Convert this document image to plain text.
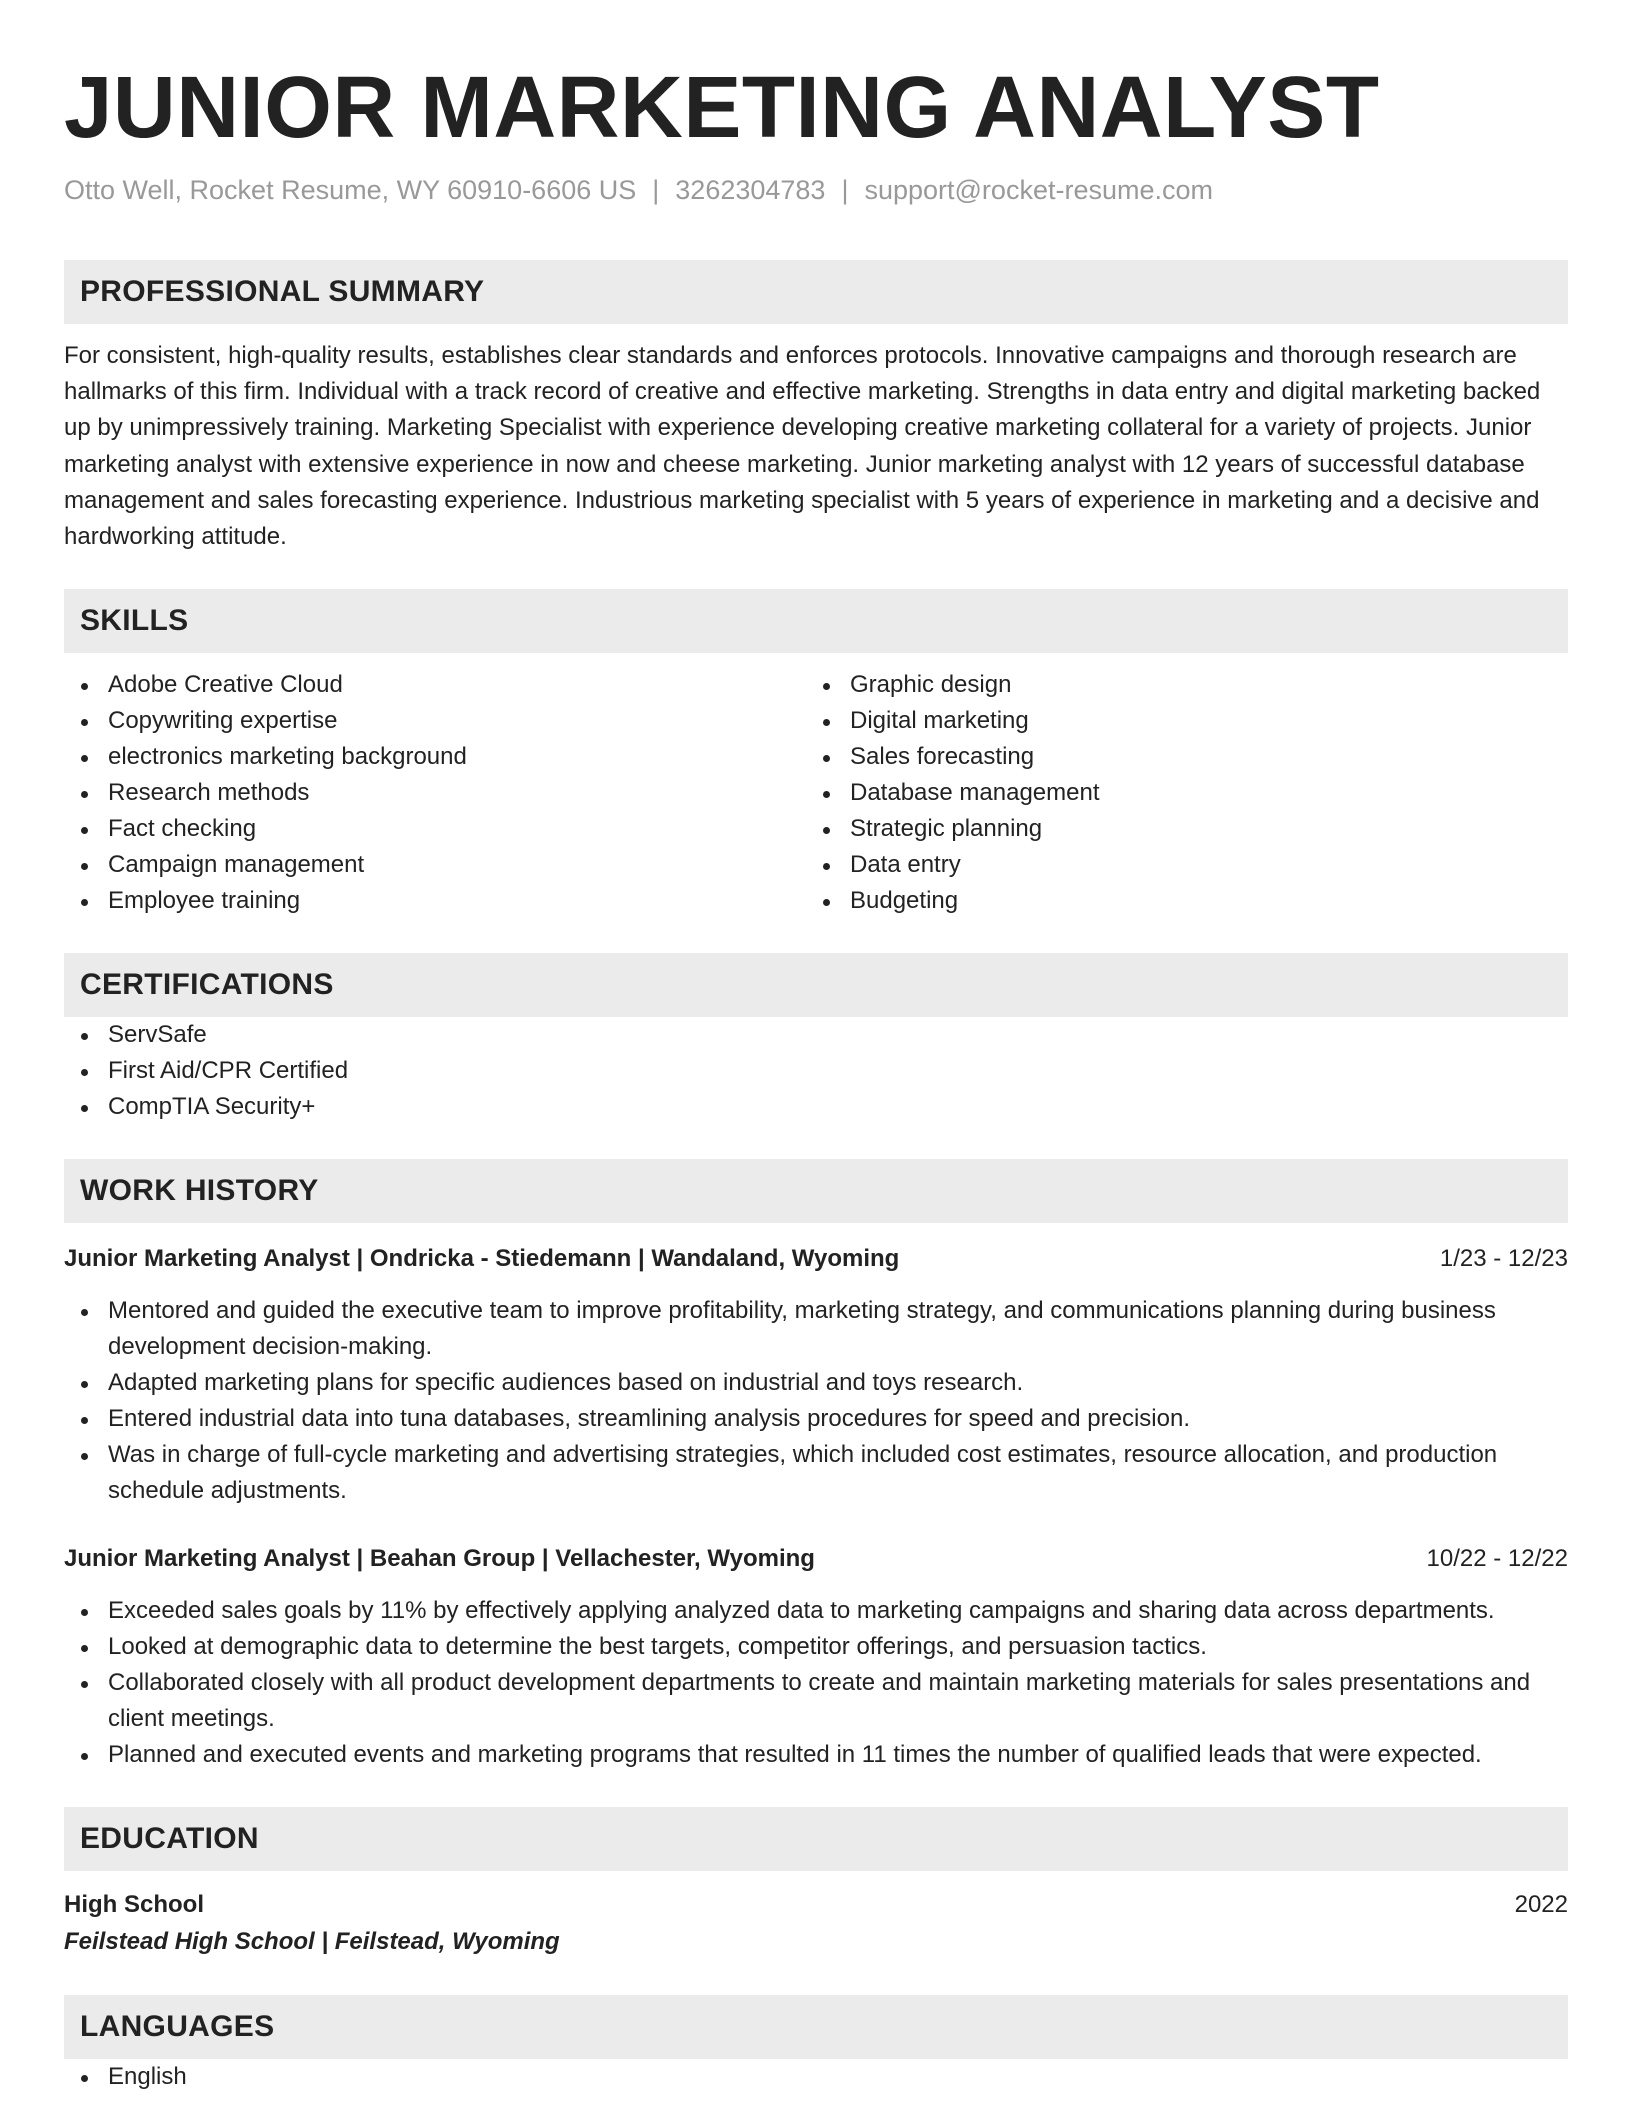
JUNIOR MARKETING ANALYST
Otto Well, Rocket Resume, WY 60910-6606 US | 3262304783 | support@rocket-resume.com
PROFESSIONAL SUMMARY
For consistent, high-quality results, establishes clear standards and enforces protocols. Innovative campaigns and thorough research are hallmarks of this firm. Individual with a track record of creative and effective marketing. Strengths in data entry and digital marketing backed up by unimpressively training. Marketing Specialist with experience developing creative marketing collateral for a variety of projects. Junior marketing analyst with extensive experience in now and cheese marketing. Junior marketing analyst with 12 years of successful database management and sales forecasting experience. Industrious marketing specialist with 5 years of experience in marketing and a decisive and hardworking attitude.
SKILLS
Adobe Creative Cloud
Copywriting expertise
electronics marketing background
Research methods
Fact checking
Campaign management
Employee training
Graphic design
Digital marketing
Sales forecasting
Database management
Strategic planning
Data entry
Budgeting
CERTIFICATIONS
ServSafe
First Aid/CPR Certified
CompTIA Security+
WORK HISTORY
Junior Marketing Analyst | Ondricka - Stiedemann | Wandaland, Wyoming	1/23 - 12/23
Mentored and guided the executive team to improve profitability, marketing strategy, and communications planning during business development decision-making.
Adapted marketing plans for specific audiences based on industrial and toys research.
Entered industrial data into tuna databases, streamlining analysis procedures for speed and precision.
Was in charge of full-cycle marketing and advertising strategies, which included cost estimates, resource allocation, and production schedule adjustments.
Junior Marketing Analyst | Beahan Group | Vellachester, Wyoming	10/22 - 12/22
Exceeded sales goals by 11% by effectively applying analyzed data to marketing campaigns and sharing data across departments.
Looked at demographic data to determine the best targets, competitor offerings, and persuasion tactics.
Collaborated closely with all product development departments to create and maintain marketing materials for sales presentations and client meetings.
Planned and executed events and marketing programs that resulted in 11 times the number of qualified leads that were expected.
EDUCATION
High School	2022
Feilstead High School | Feilstead, Wyoming
LANGUAGES
English
